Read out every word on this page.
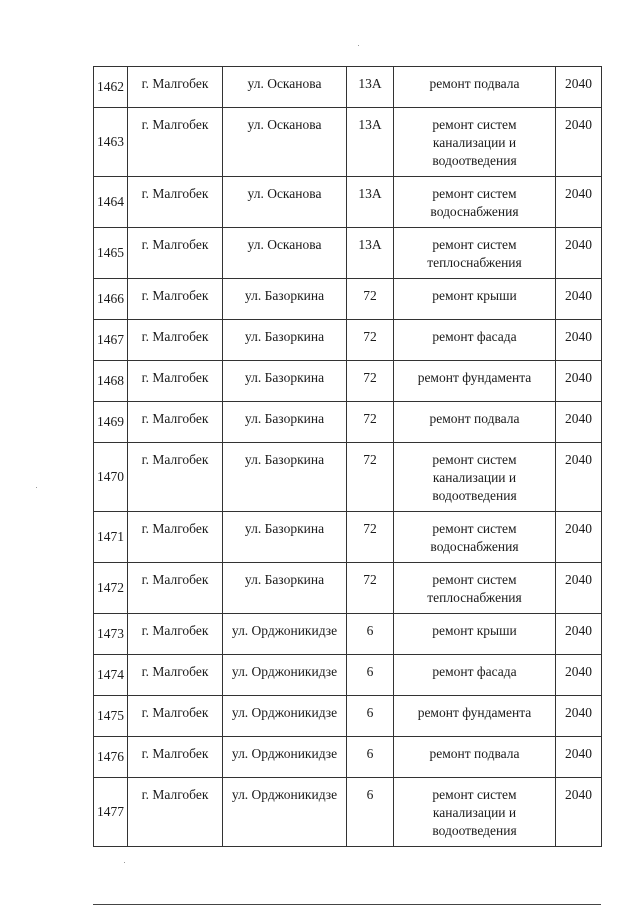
1462	г. Малгобек	ул. Осканова	13А	ремонт подвала	2040
1463	г. Малгобек	ул. Осканова	13А	ремонт систем канализации и водоотведения	2040
1464	г. Малгобек	ул. Осканова	13А	ремонт систем водоснабжения	2040
1465	г. Малгобек	ул. Осканова	13А	ремонт систем теплоснабжения	2040
1466	г. Малгобек	ул. Базоркина	72	ремонт крыши	2040
1467	г. Малгобек	ул. Базоркина	72	ремонт фасада	2040
1468	г. Малгобек	ул. Базоркина	72	ремонт фундамента	2040
1469	г. Малгобек	ул. Базоркина	72	ремонт подвала	2040
1470	г. Малгобек	ул. Базоркина	72	ремонт систем канализации и водоотведения	2040
1471	г. Малгобек	ул. Базоркина	72	ремонт систем водоснабжения	2040
1472	г. Малгобек	ул. Базоркина	72	ремонт систем теплоснабжения	2040
1473	г. Малгобек	ул. Орджоникидзе	6	ремонт крыши	2040
1474	г. Малгобек	ул. Орджоникидзе	6	ремонт фасада	2040
1475	г. Малгобек	ул. Орджоникидзе	6	ремонт фундамента	2040
1476	г. Малгобек	ул. Орджоникидзе	6	ремонт подвала	2040
1477	г. Малгобек	ул. Орджоникидзе	6	ремонт систем канализации и водоотведения	2040
